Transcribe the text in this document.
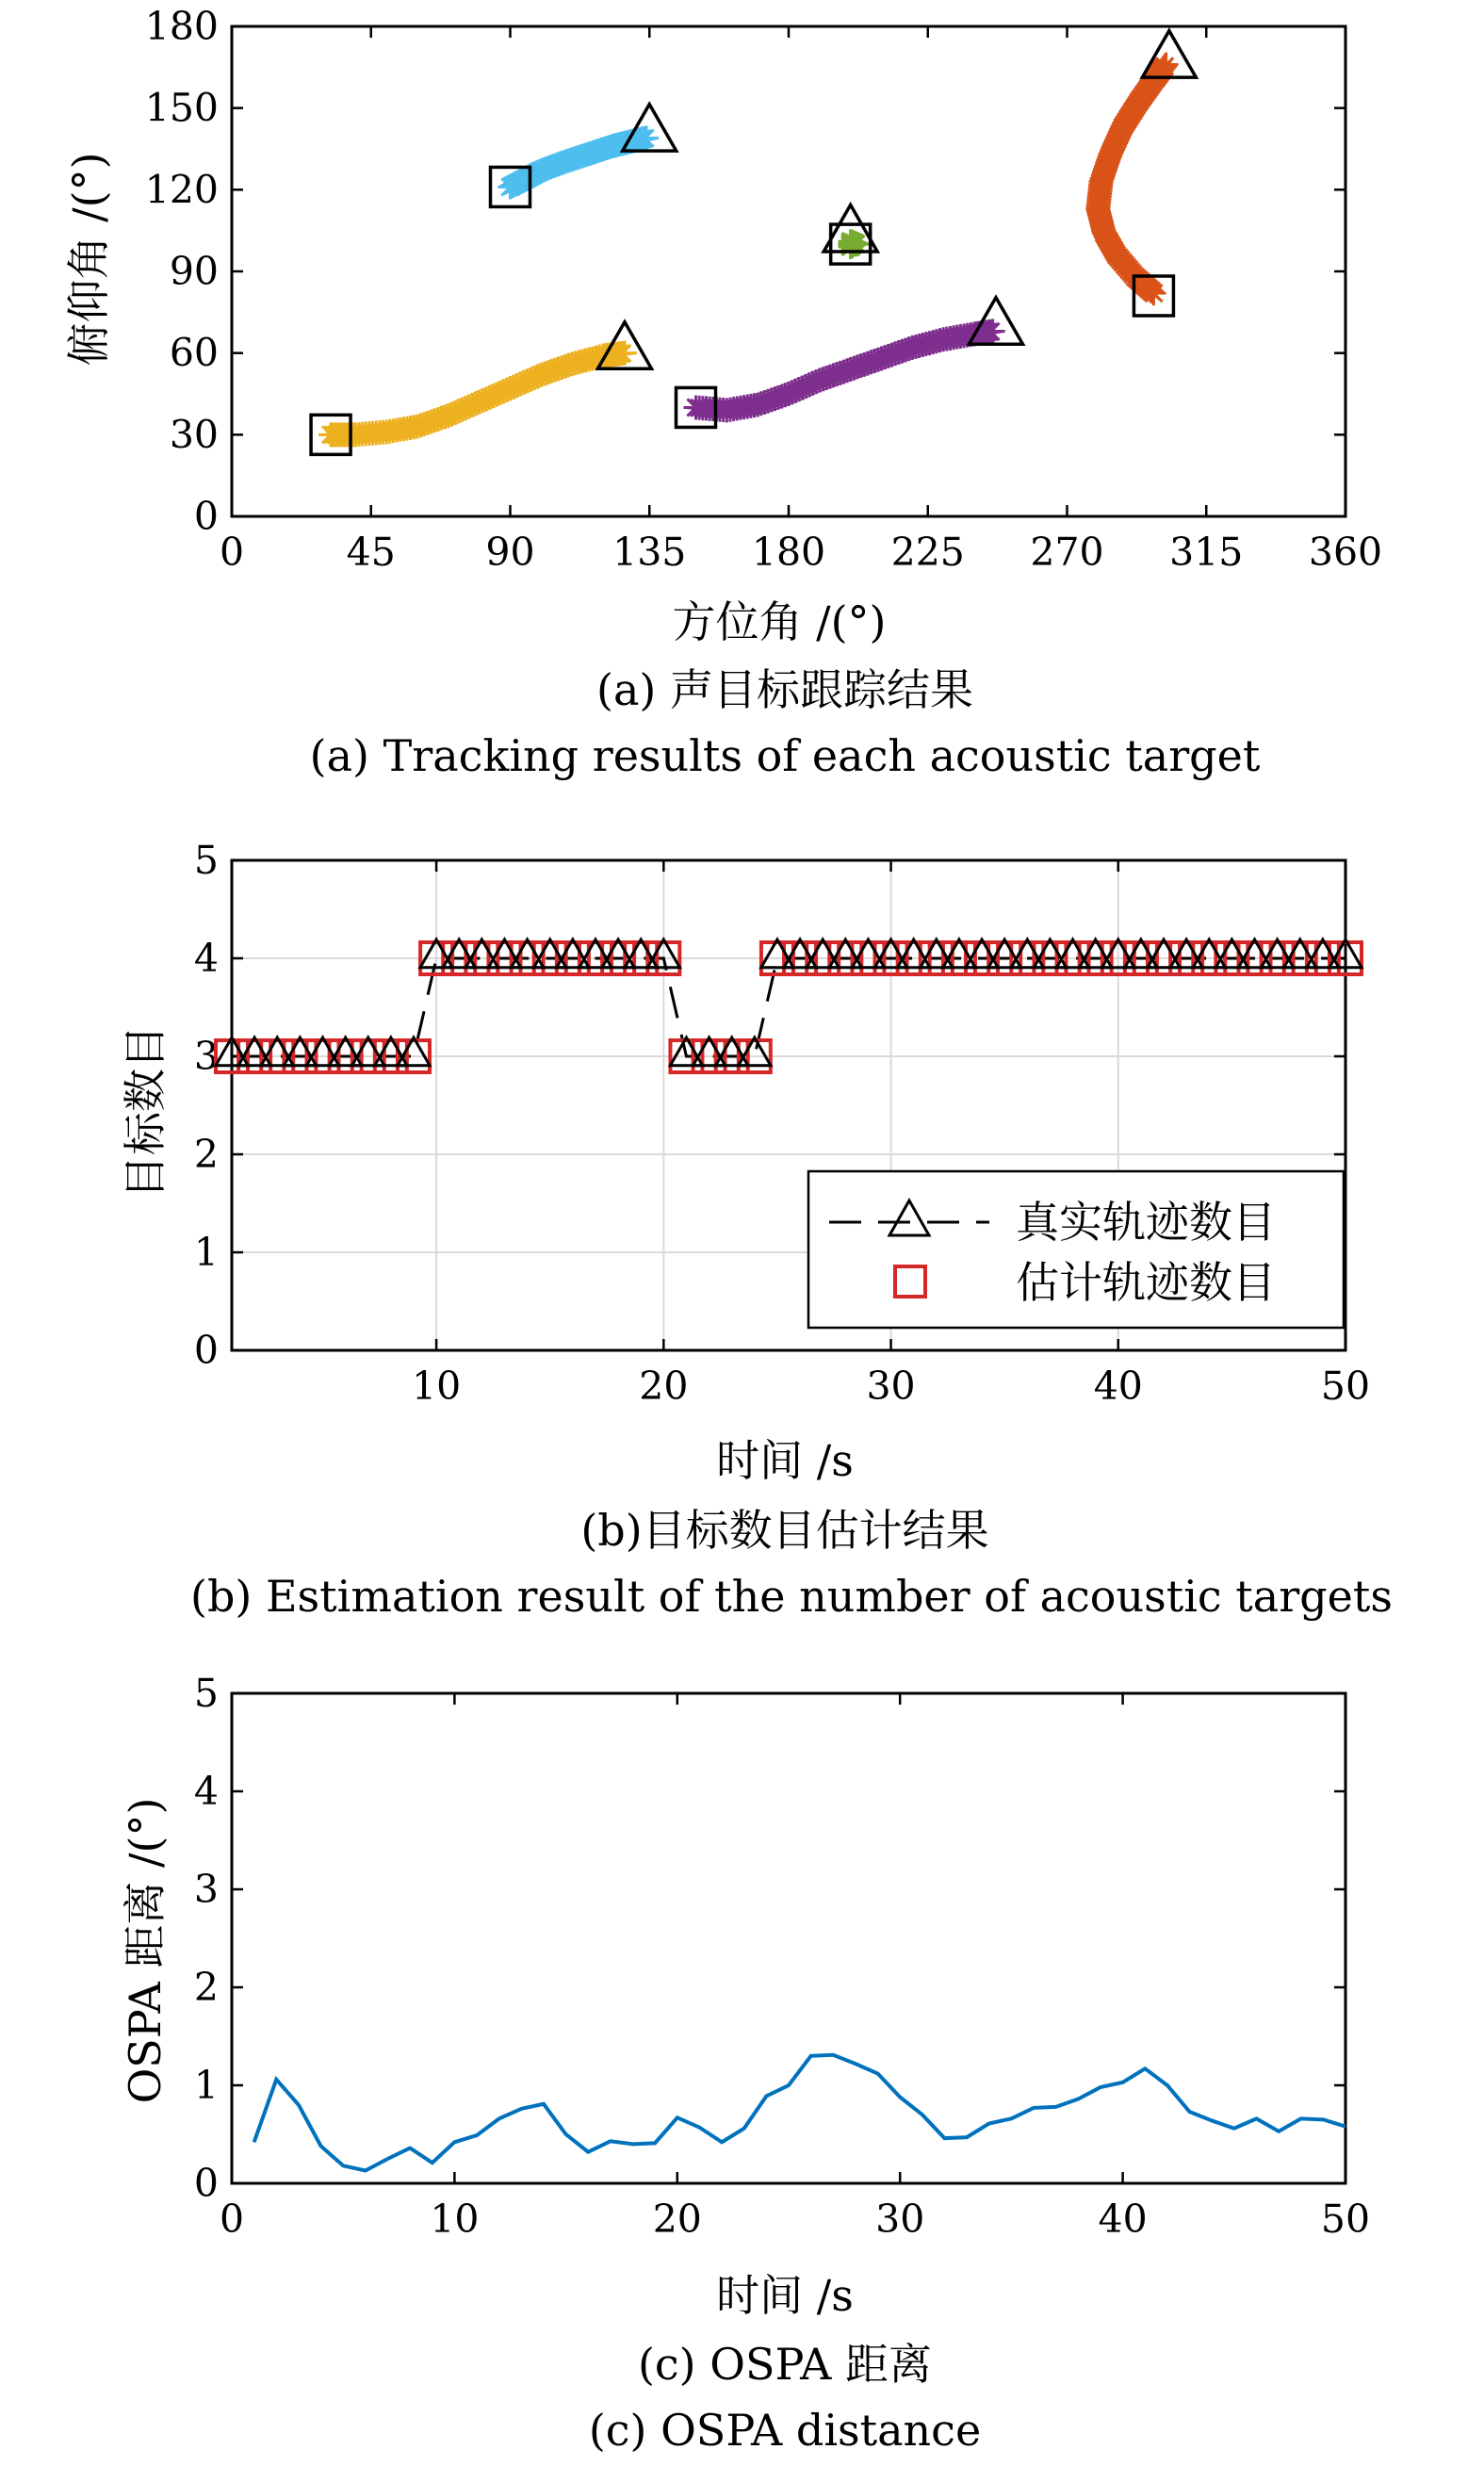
0	45 90 135 180 225 270 315 360
0
30
60
90
120
150
180
方位角 /(°)
俯仰角 /(°)
(a) 声目标跟踪结果
(a) Tracking results of each acoustic target
10	20	30	40	50
0
1
2
3
4
5
时间 /s
目标数目
(b)目标数目估计结果
(b) Estimation result of the number of acoustic targets
真实轨迹数目
估计轨迹数目
0	10	20	30	40	50
0
1
2
3
4
5
时间 /s
OSPA 距离 /(°)
(c) OSPA 距离
(c) OSPA distance
